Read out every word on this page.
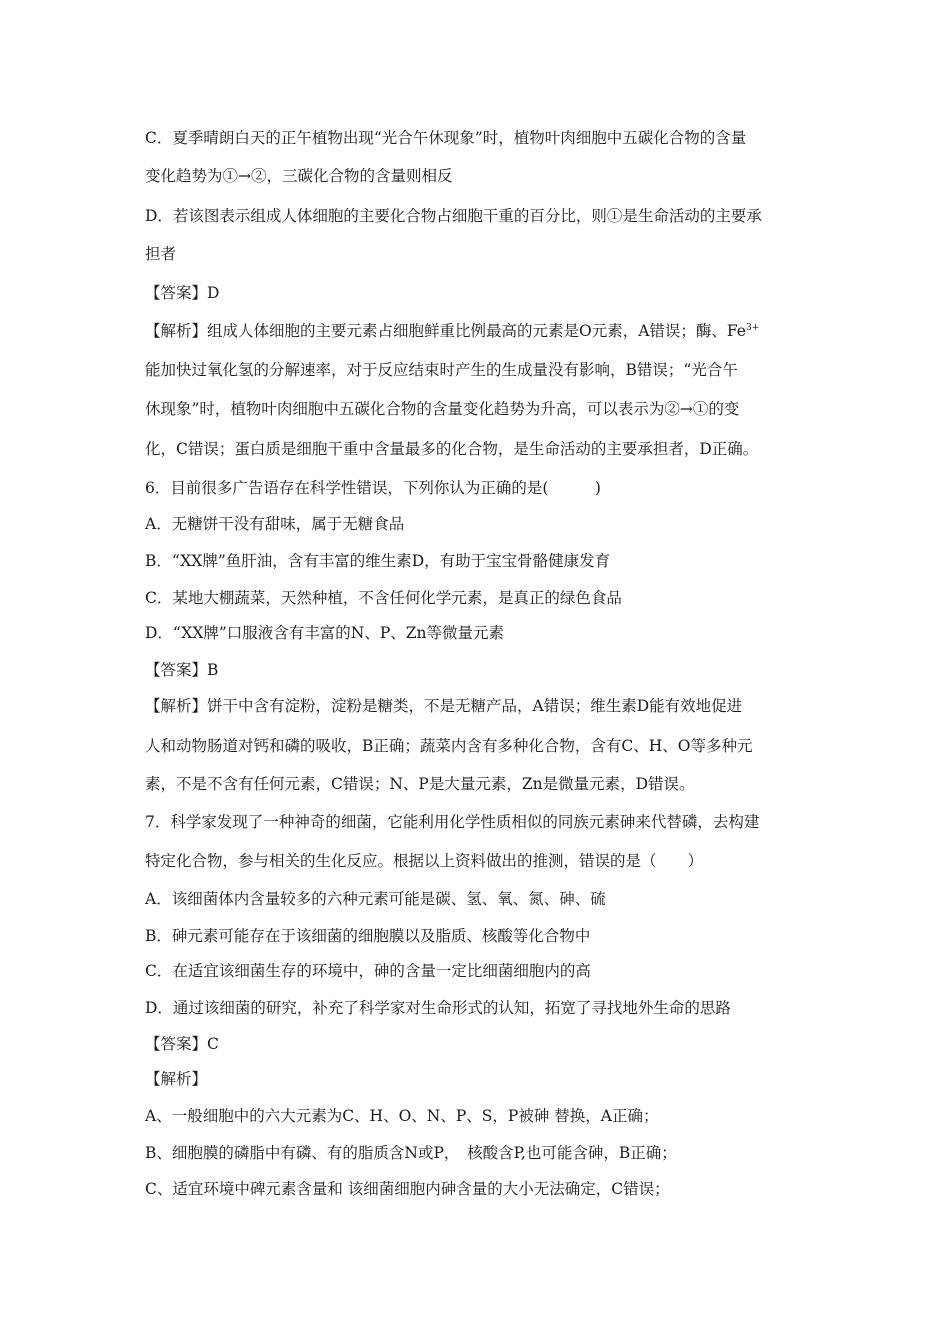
C．夏季晴朗白天的正午植物出现“光合午休现象”时，植物叶肉细胞中五碳化合物的含量
变化趋势为①→②，三碳化合物的含量则相反
D．若该图表示组成人体细胞的主要化合物占细胞干重的百分比，则①是生命活动的主要承
担者
【答案】D
【解析】组成人体细胞的主要元素占细胞鲜重比例最高的元素是O元素，A错误；酶、$Fe^{3+}$
能加快过氧化氢的分解速率，对于反应结束时产生的生成量没有影响，B错误；“光合午
休现象”时，植物叶肉细胞中五碳化合物的含量变化趋势为升高，可以表示为②→①的变
化，C错误；蛋白质是细胞干重中含量最多的化合物，是生命活动的主要承担者，D正确。
6．目前很多广告语存在科学性错误，下列你认为正确的是(　　　)
A．无糖饼干没有甜味，属于无糖食品
B．“XX牌”鱼肝油，含有丰富的维生素D，有助于宝宝骨骼健康发育
C．某地大棚蔬菜，天然种植，不含任何化学元素，是真正的绿色食品
D．“XX牌”口服液含有丰富的N、P、Zn等微量元素
【答案】B
【解析】饼干中含有淀粉，淀粉是糖类，不是无糖产品，A错误；维生素D能有效地促进
人和动物肠道对钙和磷的吸收，B正确；蔬菜内含有多种化合物，含有C、H、O等多种元
素，不是不含有任何元素，C错误；N、P是大量元素，Zn是微量元素，D错误。
7．科学家发现了一种神奇的细菌，它能利用化学性质相似的同族元素砷来代替磷，去构建
特定化合物，参与相关的生化反应。根据以上资料做出的推测，错误的是（　　）
A．该细菌体内含量较多的六种元素可能是碳、氢、氧、氮、砷、硫
B．砷元素可能存在于该细菌的细胞膜以及脂质、核酸等化合物中
C．在适宜该细菌生存的环境中，砷的含量一定比细菌细胞内的高
D．通过该细菌的研究，补充了科学家对生命形式的认知，拓宽了寻找地外生命的思路
【答案】C
【解析】
A、一般细胞中的六大元素为C、H、O、N、P、S，P被砷 替换，A正确；
B、细胞膜的磷脂中有磷、有的脂质含N或P，　核酸含P,也可能含砷，B正确；
C、适宜环境中碑元素含量和 该细菌细胞内砷含量的大小无法确定，C错误；
